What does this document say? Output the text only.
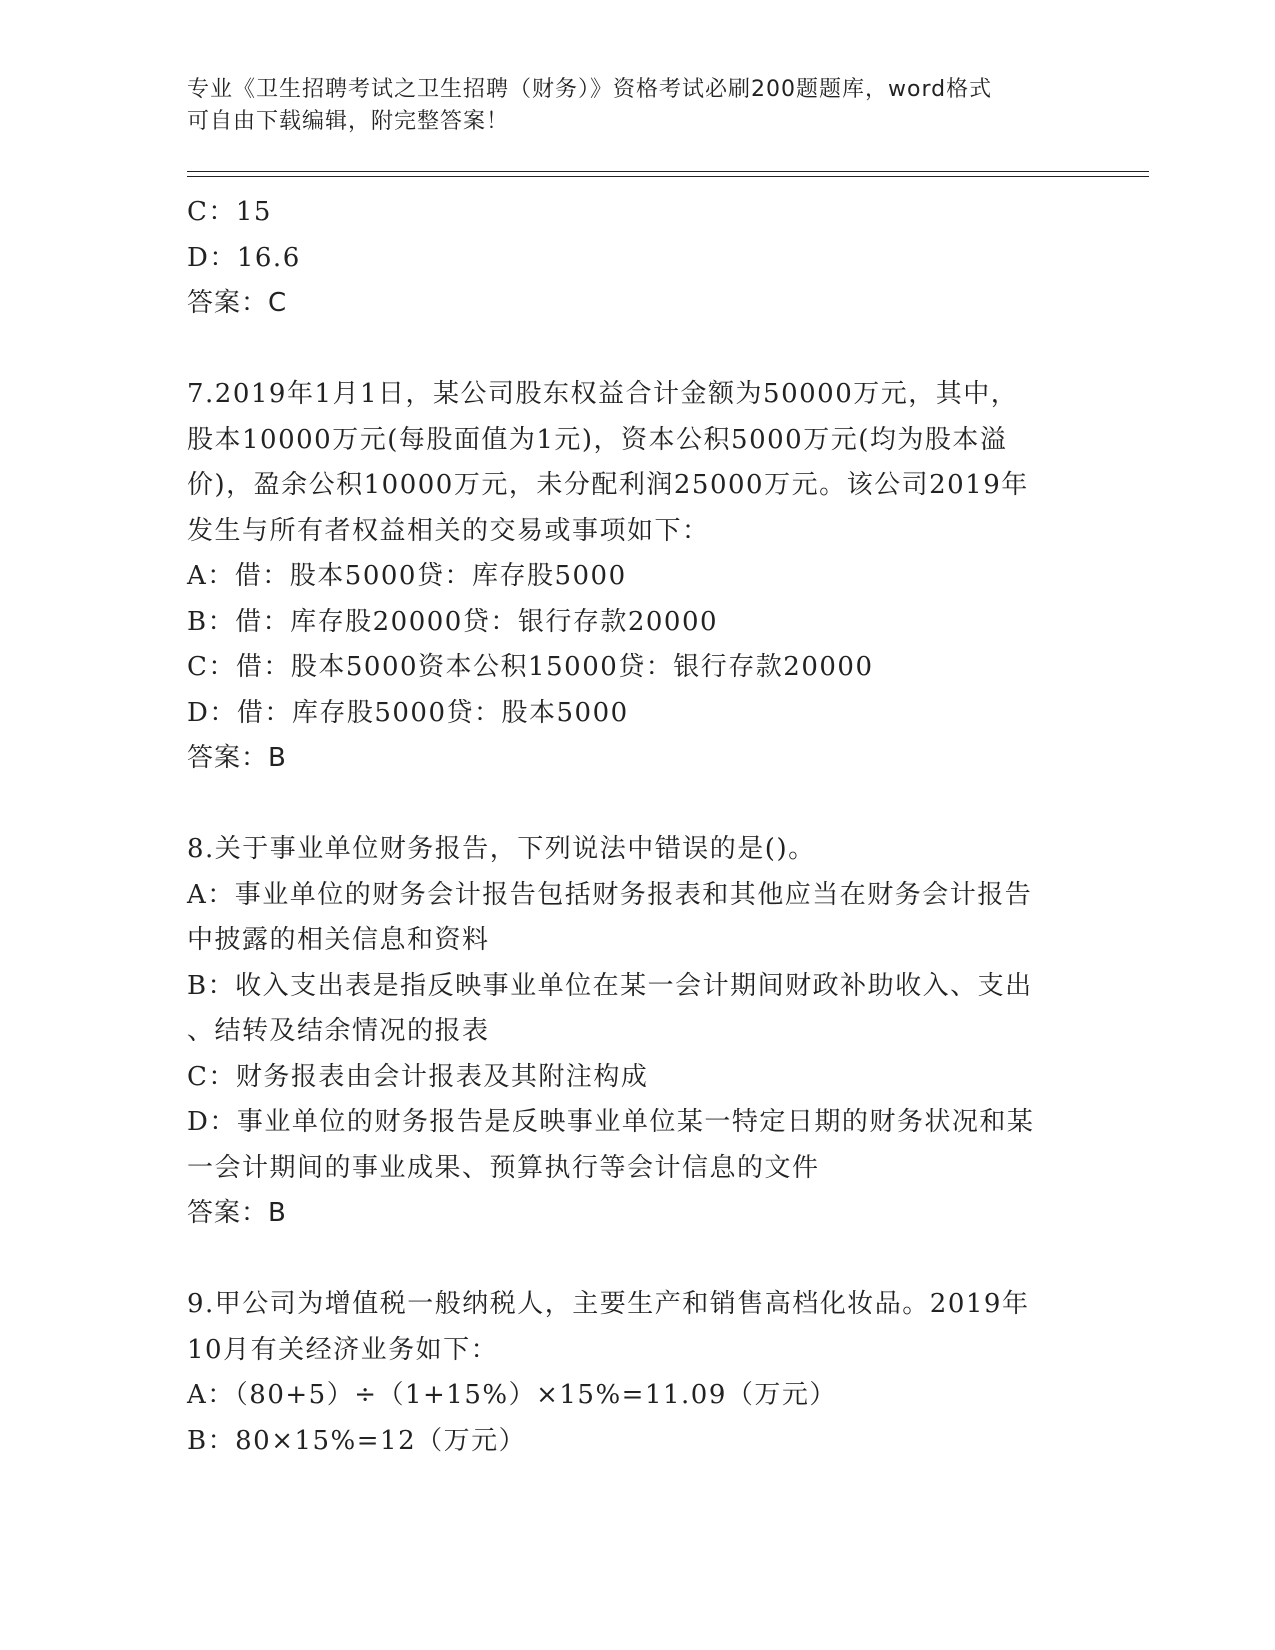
专业《卫生招聘考试之卫生招聘（财务）》资格考试必刷200题题库，word格式
可自由下载编辑，附完整答案！
C：15
D：16.6
答案：C
7.2019年1月1日，某公司股东权益合计金额为50000万元，其中，
股本10000万元(每股面值为1元)，资本公积5000万元(均为股本溢
价)，盈余公积10000万元，未分配利润25000万元。该公司2019年
发生与所有者权益相关的交易或事项如下：
A：借：股本5000贷：库存股5000
B：借：库存股20000贷：银行存款20000
C：借：股本5000资本公积15000贷：银行存款20000
D：借：库存股5000贷：股本5000
答案：B
8.关于事业单位财务报告，下列说法中错误的是()。
A：事业单位的财务会计报告包括财务报表和其他应当在财务会计报告
中披露的相关信息和资料
B：收入支出表是指反映事业单位在某一会计期间财政补助收入、支出
、结转及结余情况的报表
C：财务报表由会计报表及其附注构成
D：事业单位的财务报告是反映事业单位某一特定日期的财务状况和某
一会计期间的事业成果、预算执行等会计信息的文件
答案：B
9.甲公司为增值税一般纳税人，主要生产和销售高档化妆品。2019年
10月有关经济业务如下：
A：（80+5）÷（1+15%）×15%=11.09（万元）
B：80×15%=12（万元）
